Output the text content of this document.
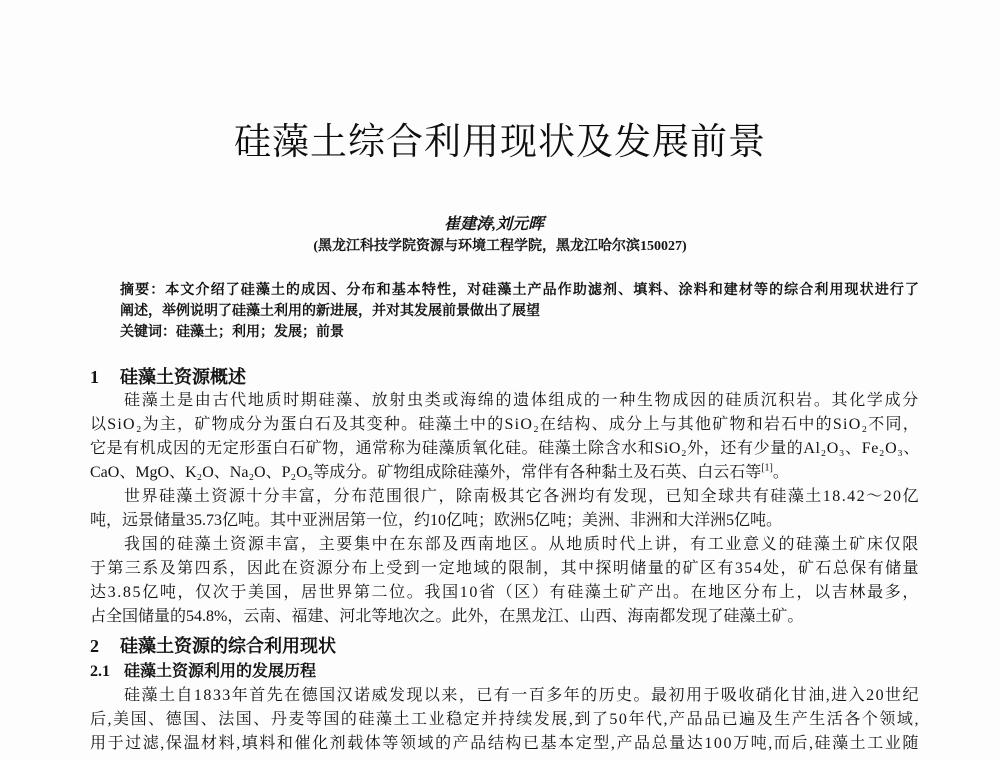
硅藻土综合利用现状及发展前景
崔建涛,刘元晖
(黑龙江科技学院资源与环境工程学院，黑龙江哈尔滨150027)
摘要：本文介绍了硅藻土的成因、分布和基本特性，对硅藻土产品作助滤剂、填料、涂料和建材等的综合利用现状进行了
阐述，举例说明了硅藻土利用的新进展，并对其发展前景做出了展望
关键词：硅藻土；利用；发展；前景
1 硅藻土资源概述
硅藻土是由古代地质时期硅藻、放射虫类或海绵的遗体组成的一种生物成因的硅质沉积岩。其化学成分
以SiO₂为主，矿物成分为蛋白石及其变种。硅藻土中的SiO₂在结构、成分上与其他矿物和岩石中的SiO₂不同，
它是有机成因的无定形蛋白石矿物，通常称为硅藻质氧化硅。硅藻土除含水和SiO₂外，还有少量的Al₂O₃、Fe₂O₃、
CaO、MgO、K₂O、Na₂O、P₂O₅等成分。矿物组成除硅藻外，常伴有各种黏土及石英、白云石等[1]。
世界硅藻土资源十分丰富，分布范围很广，除南极其它各洲均有发现，已知全球共有硅藻土18.42～20亿
吨，远景储量35.73亿吨。其中亚洲居第一位，约10亿吨；欧洲5亿吨；美洲、非洲和大洋洲5亿吨。
我国的硅藻土资源丰富，主要集中在东部及西南地区。从地质时代上讲，有工业意义的硅藻土矿床仅限
于第三系及第四系，因此在资源分布上受到一定地域的限制，其中探明储量的矿区有354处，矿石总保有储量
达3.85亿吨，仅次于美国，居世界第二位。我国10省（区）有硅藻土矿产出。在地区分布上，以吉林最多，
占全国储量的54.8%，云南、福建、河北等地次之。此外，在黑龙江、山西、海南都发现了硅藻土矿。
2 硅藻土资源的综合利用现状
2.1 硅藻土资源利用的发展历程
硅藻土自1833年首先在德国汉诺威发现以来，已有一百多年的历史。最初用于吸收硝化甘油,进入20世纪
后,美国、德国、法国、丹麦等国的硅藻土工业稳定并持续发展,到了50年代,产品品已遍及生产生活各个领域,
用于过滤,保温材料,填料和催化剂载体等领域的产品结构已基本定型,产品总量达100万吨,而后,硅藻土工业随
